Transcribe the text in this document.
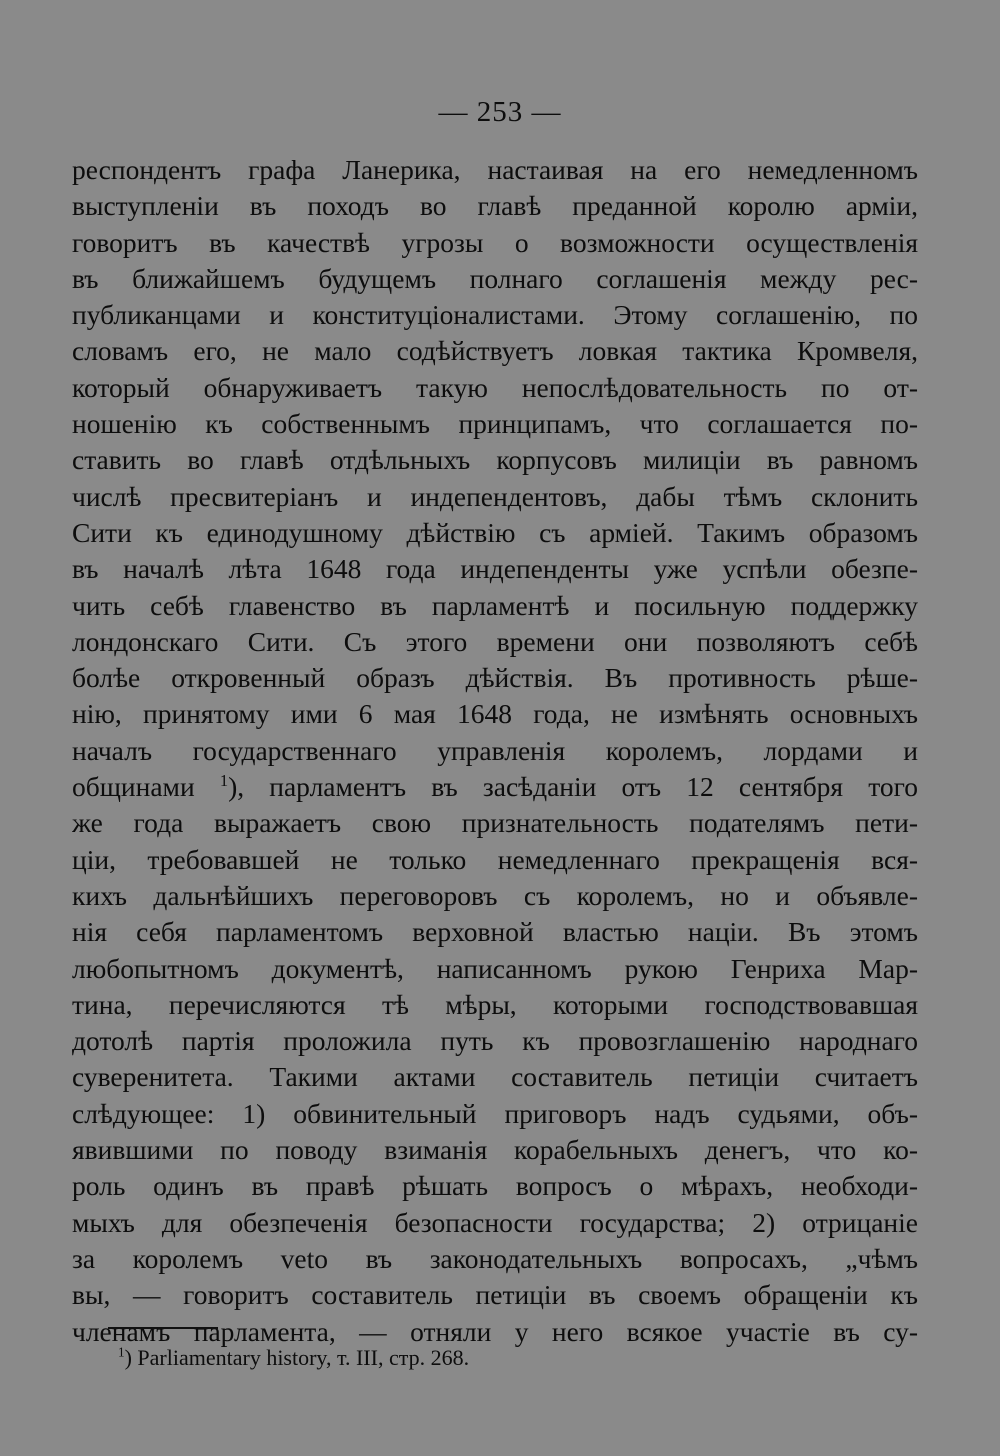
— 253 —
респондентъ графа Ланерика, настаивая на его немедленномъ
выступленіи въ походъ во главѣ преданной королю арміи,
говоритъ въ качествѣ угрозы о возможности осуществленія
въ ближайшемъ будущемъ полнаго соглашенія между рес-
публиканцами и конституціоналистами. Этому соглашенію, по
словамъ его, не мало содѣйствуетъ ловкая тактика Кромвеля,
который обнаруживаетъ такую непослѣдовательность по от-
ношенію къ собственнымъ принципамъ, что соглашается по-
ставить во главѣ отдѣльныхъ корпусовъ милиціи въ равномъ
числѣ пресвитеріанъ и индепендентовъ, дабы тѣмъ склонить
Сити къ единодушному дѣйствію съ арміей. Такимъ образомъ
въ началѣ лѣта 1648 года индепенденты уже успѣли обезпе-
чить себѣ главенство въ парламентѣ и посильную поддержку
лондонскаго Сити. Съ этого времени они позволяютъ себѣ
болѣе откровенный образъ дѣйствія. Въ противность рѣше-
нію, принятому ими 6 мая 1648 года, не измѣнять основныхъ
началъ государственнаго управленія королемъ, лордами и
общинами $^1$), парламентъ въ засѣданіи отъ 12 сентября того
же года выражаетъ свою признательность подателямъ пети-
ціи, требовавшей не только немедленнаго прекращенія вся-
кихъ дальнѣйшихъ переговоровъ съ королемъ, но и объявле-
нія себя парламентомъ верховной властью націи. Въ этомъ
любопытномъ документѣ, написанномъ рукою Генриха Мар-
тина, перечисляются тѣ мѣры, которыми господствовавшая
дотолѣ партія проложила путь къ провозглашенію народнаго
суверенитета. Такими актами составитель петиціи считаетъ
слѣдующее: 1) обвинительный приговоръ надъ судьями, объ-
явившими по поводу взиманія корабельныхъ денегъ, что ко-
роль одинъ въ правѣ рѣшать вопросъ о мѣрахъ, необходи-
мыхъ для обезпеченія безопасности государства; 2) отрицаніе
за королемъ veto въ законодательныхъ вопросахъ, „чѣмъ
вы, — говоритъ составитель петиціи въ своемъ обращеніи къ
членамъ парламента, — отняли у него всякое участіе въ су-
$^1$) Parliamentary history, т. III, стр. 268.
